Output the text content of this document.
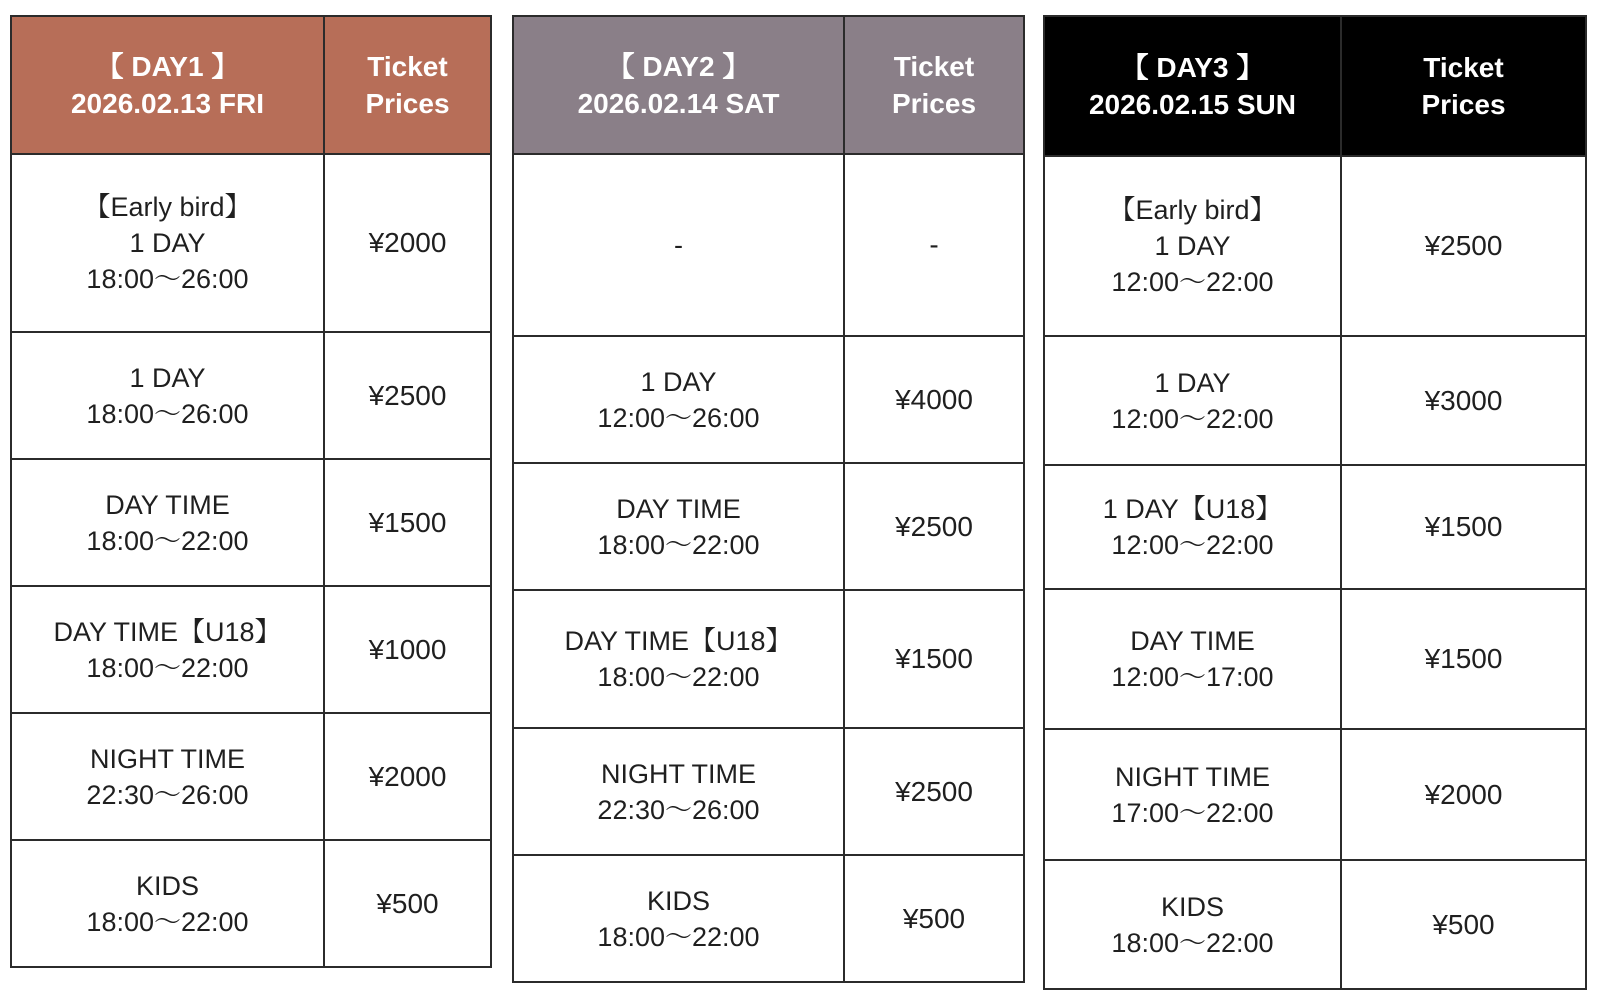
【 DAY1 】
2026.02.13 FRI	Ticket
Prices

【Early bird】
1 DAY
18:00〜26:00	¥2000

1 DAY
18:00〜26:00	¥2500

DAY TIME
18:00〜22:00	¥1500

DAY TIME【U18】
18:00〜22:00	¥1000

NIGHT TIME
22:30〜26:00	¥2000

KIDS
18:00〜22:00	¥500
【 DAY2 】
2026.02.14 SAT	Ticket
Prices

-	-

1 DAY
12:00〜26:00	¥4000

DAY TIME
18:00〜22:00	¥2500

DAY TIME【U18】
18:00〜22:00	¥1500

NIGHT TIME
22:30〜26:00	¥2500

KIDS
18:00〜22:00	¥500
【 DAY3 】
2026.02.15 SUN	Ticket
Prices

【Early bird】
1 DAY
12:00〜22:00	¥2500

1 DAY
12:00〜22:00	¥3000

1 DAY【U18】
12:00〜22:00	¥1500

DAY TIME
12:00〜17:00	¥1500

NIGHT TIME
17:00〜22:00	¥2000

KIDS
18:00〜22:00	¥500
